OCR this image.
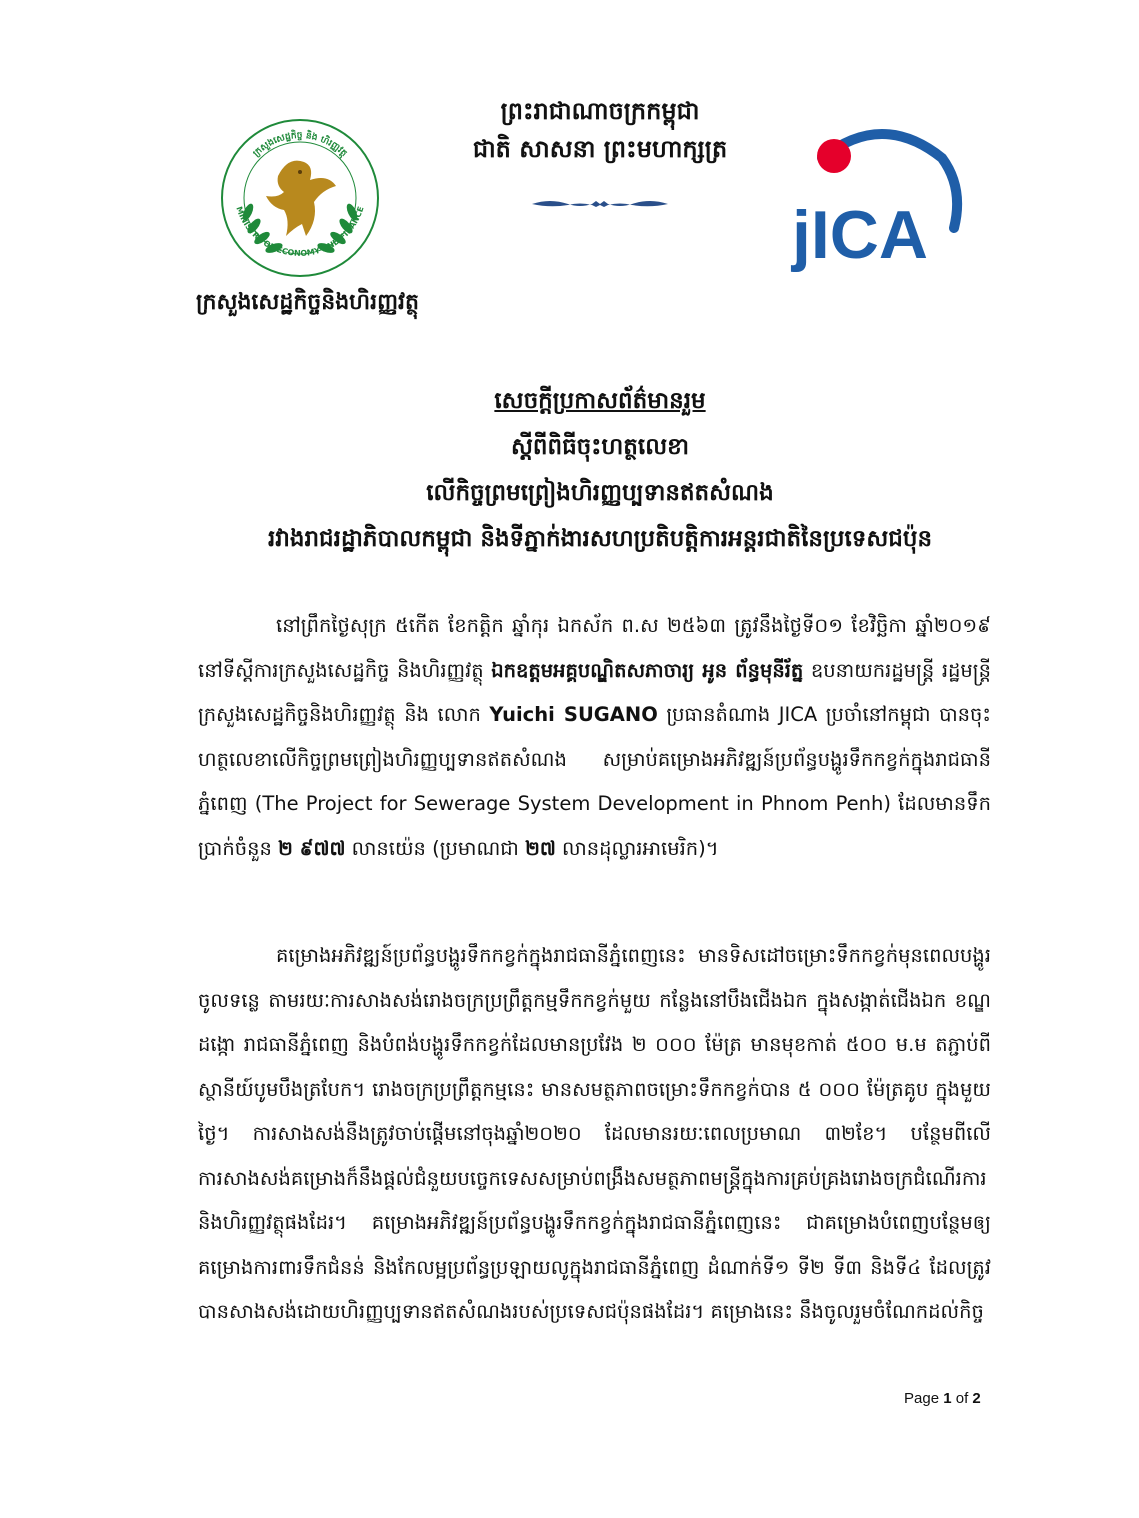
ព្រះរាជាណាចក្រកម្ពុជា
ជាតិ សាសនា ព្រះមហាក្សត្រ
ក្រសួងសេដ្ឋកិច្ច និង ហិរញ្ញវត្ថុ
MINISTRY OF ECONOMY AND FINANCE
ក្រសួងសេដ្ឋកិច្ចនិងហិរញ្ញវត្ថុ
jICA
សេចក្តីប្រកាសព័ត៌មានរួម
ស្តីពីពិធីចុះហត្ថលេខា
លើកិច្ចព្រមព្រៀងហិរញ្ញប្បទានឥតសំណង
រវាងរាជរដ្ឋាភិបាលកម្ពុជា និងទីភ្នាក់ងារសហប្រតិបត្តិការអន្តរជាតិនៃប្រទេសជប៉ុន
នៅព្រឹកថ្ងៃសុក្រ ៥កើត ខែកត្តិក ឆ្នាំកុរ ឯកស័ក ព.ស ២៥៦៣ ត្រូវនឹងថ្ងៃទី០១ ខែវិច្ឆិកា ឆ្នាំ២០១៩ នៅទីស្តីការក្រសួងសេដ្ឋកិច្ច និងហិរញ្ញវត្ថុ ឯកឧត្តមអគ្គបណ្ឌិតសភាចារ្យ អូន ព័ន្ធមុនីរ័ត្ន ឧបនាយករដ្ឋមន្ត្រី រដ្ឋមន្ត្រីក្រសួងសេដ្ឋកិច្ចនិងហិរញ្ញវត្ថុ និង លោក Yuichi SUGANO ប្រធានតំណាង JICA ប្រចាំនៅកម្ពុជា បានចុះហត្ថលេខាលើកិច្ចព្រមព្រៀងហិរញ្ញប្បទានឥតសំណង សម្រាប់គម្រោងអភិវឌ្ឍន៍ប្រព័ន្ធបង្ហូរទឹកកខ្វក់ក្នុងរាជធានីភ្នំពេញ (The Project for Sewerage System Development in Phnom Penh) ដែលមានទឹកប្រាក់ចំនួន ២ ៩៧៧ លានយ៉េន (ប្រមាណជា ២៧ លានដុល្លារអាមេរិក)។
គម្រោងអភិវឌ្ឍន៍ប្រព័ន្ធបង្ហូរទឹកកខ្វក់ក្នុងរាជធានីភ្នំពេញនេះ មានទិសដៅចម្រោះទឹកកខ្វក់មុនពេលបង្ហូរចូលទន្លេ តាមរយៈការសាងសង់រោងចក្រប្រព្រឹត្តកម្មទឹកកខ្វក់មួយ កន្លែងនៅបឹងជើងឯក ក្នុងសង្កាត់ជើងឯក ខណ្ឌដង្កោ រាជធានីភ្នំពេញ និងបំពង់បង្ហូរទឹកកខ្វក់ដែលមានប្រវែង ២ ០០០ ម៉ែត្រ មានមុខកាត់ ៥០០ ម.ម តភ្ជាប់ពីស្ថានីយ៍បូមបឹងត្របែក។ រោងចក្រប្រព្រឹត្តកម្មនេះ មានសមត្ថភាពចម្រោះទឹកកខ្វក់បាន ៥ ០០០ ម៉ែត្រគូប ក្នុងមួយថ្ងៃ។ ការសាងសង់នឹងត្រូវចាប់ផ្តើមនៅចុងឆ្នាំ២០២០ ដែលមានរយៈពេលប្រមាណ ៣២ខែ។ បន្ថែមពីលើការសាងសង់គម្រោងក៏នឹងផ្តល់ជំនួយបច្ចេកទេសសម្រាប់ពង្រឹងសមត្ថភាពមន្ត្រីក្នុងការគ្រប់គ្រងរោងចក្រជំណើរការ និងហិរញ្ញវត្ថុផងដែរ។ គម្រោងអភិវឌ្ឍន៍ប្រព័ន្ធបង្ហូរទឹកកខ្វក់ក្នុងរាជធានីភ្នំពេញនេះ ជាគម្រោងបំពេញបន្ថែមឲ្យគម្រោងការពារទឹកជំនន់ និងកែលម្អប្រព័ន្ធប្រឡាយលូក្នុងរាជធានីភ្នំពេញ ដំណាក់ទី១ ទី២ ទី៣ និងទី៤ ដែលត្រូវបានសាងសង់ដោយហិរញ្ញប្បទានឥតសំណងរបស់ប្រទេសជប៉ុនផងដែរ។ គម្រោងនេះ នឹងចូលរួមចំណែកដល់កិច្ច
Page 1 of 2
